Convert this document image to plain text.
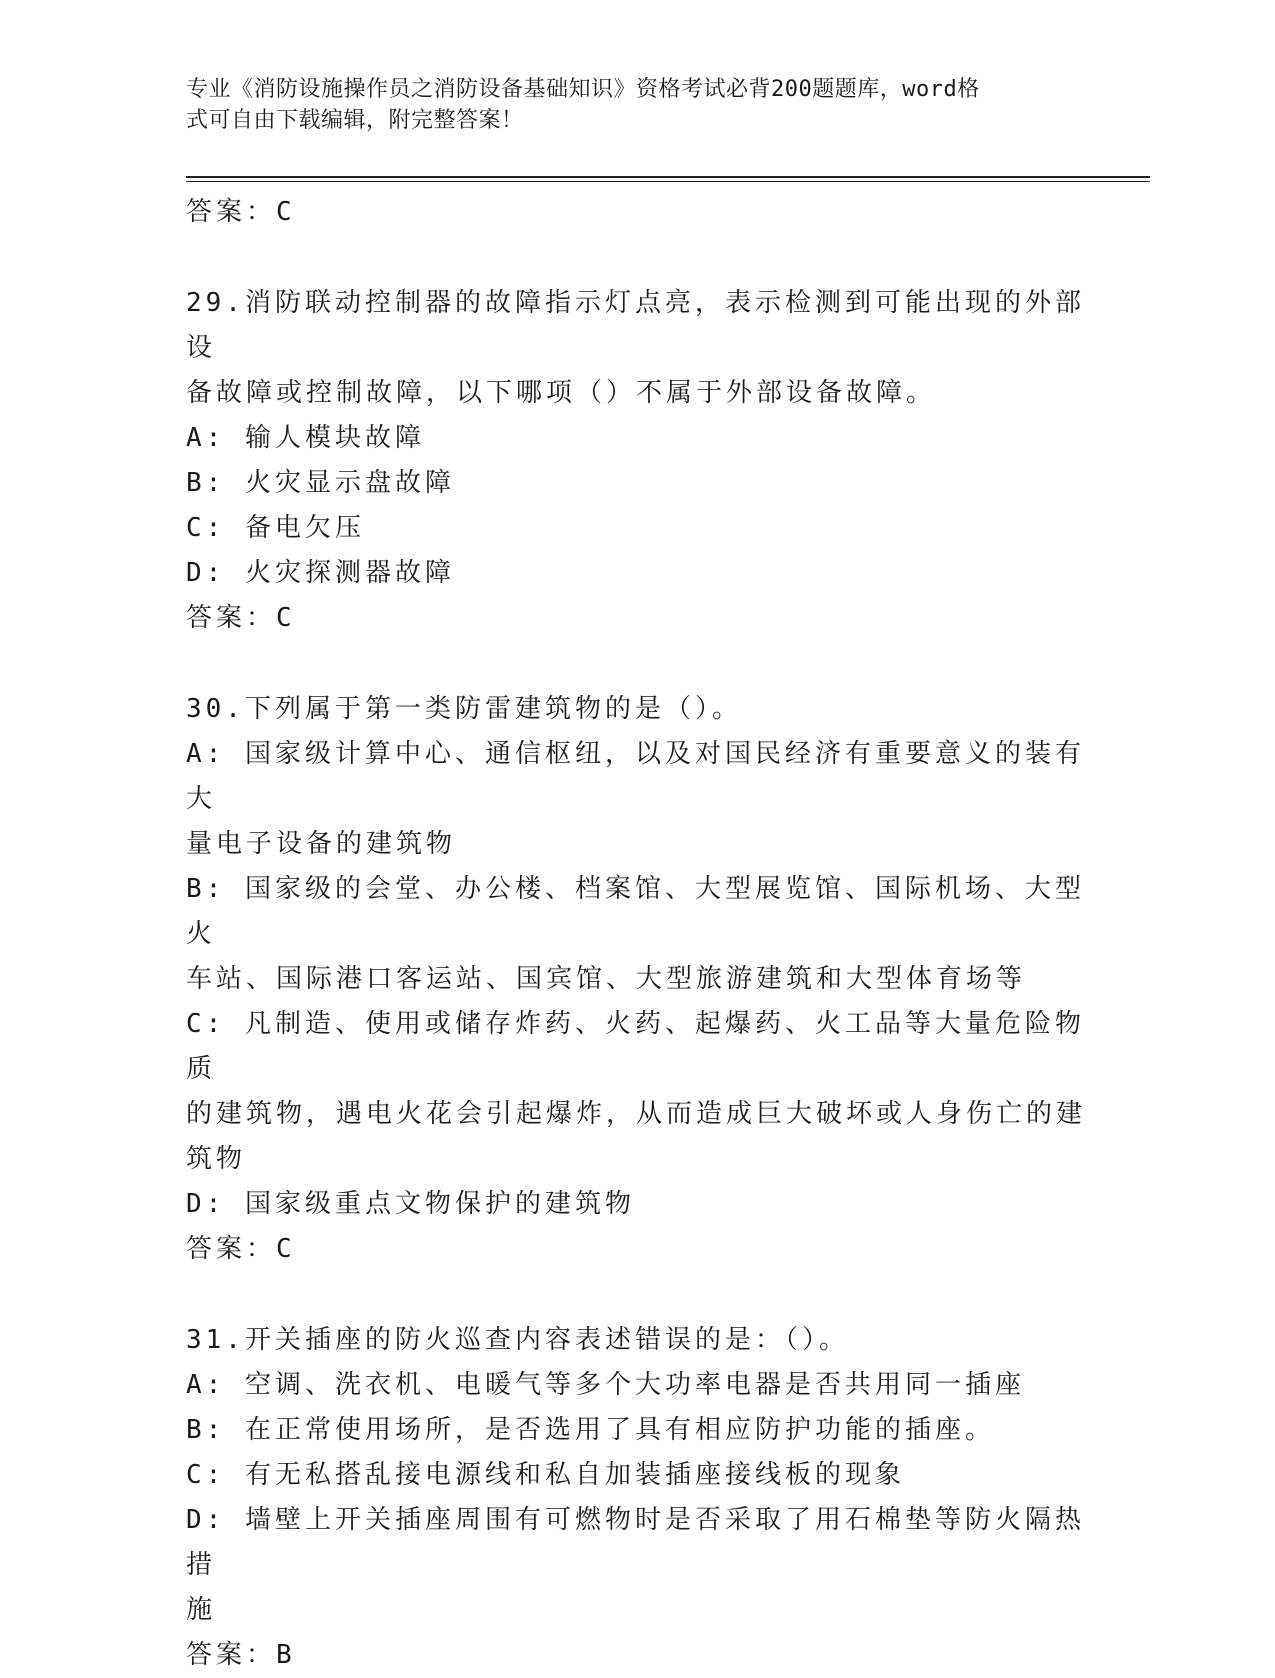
专业《消防设施操作员之消防设备基础知识》资格考试必背200题题库，word格
式可自由下载编辑，附完整答案！
答案：C
29.消防联动控制器的故障指示灯点亮，表示检测到可能出现的外部设
备故障或控制故障，以下哪项（）不属于外部设备故障。
A: 输人模块故障
B: 火灾显示盘故障
C: 备电欠压
D: 火灾探测器故障
答案：C
30.下列属于第一类防雷建筑物的是（）。
A: 国家级计算中心、通信枢纽，以及对国民经济有重要意义的装有大
量电子设备的建筑物
B: 国家级的会堂、办公楼、档案馆、大型展览馆、国际机场、大型火
车站、国际港口客运站、国宾馆、大型旅游建筑和大型体育场等
C: 凡制造、使用或储存炸药、火药、起爆药、火工品等大量危险物质
的建筑物，遇电火花会引起爆炸，从而造成巨大破坏或人身伤亡的建
筑物
D: 国家级重点文物保护的建筑物
答案：C
31.开关插座的防火巡查内容表述错误的是：（）。
A: 空调、洗衣机、电暖气等多个大功率电器是否共用同一插座
B: 在正常使用场所，是否选用了具有相应防护功能的插座。
C: 有无私搭乱接电源线和私自加装插座接线板的现象
D: 墙壁上开关插座周围有可燃物时是否采取了用石棉垫等防火隔热措
施
答案：B
